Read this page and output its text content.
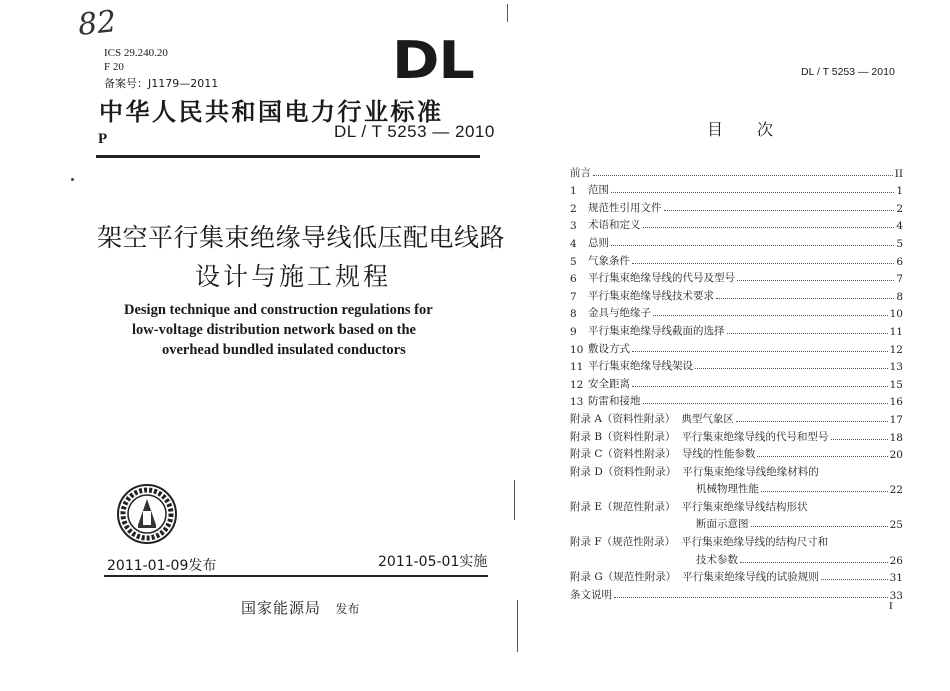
82
ICS 29.240.20
F 20
备案号：J1179—2011	DL
中华人民共和国电力行业标准
P	DL / T 5253 — 2010
架空平行集束绝缘导线低压配电线路
设计与施工规程
Design technique and construction regulations for
low-voltage distribution network based on the
overhead bundled insulated conductors
2011-01-09发布	2011-05-01实施
国家能源局 发布
DL / T 5253 — 2010
目次
前言	II
1	范围	1
2	规范性引用文件	2
3	术语和定义	4
4	总则	5
5	气象条件	6
6	平行集束绝缘导线的代号及型号	7
7	平行集束绝缘导线技术要求	8
8	金具与绝缘子	10
9	平行集束绝缘导线截面的选择	11
10 敷设方式	12
11 平行集束绝缘导线架设	13
12 安全距离	15
13 防雷和接地	16
附录 A（资料性附录） 典型气象区	17
附录 B（资料性附录） 平行集束绝缘导线的代号和型号	18
附录 C（资料性附录） 导线的性能参数	20
附录 D（资料性附录） 平行集束绝缘导线绝缘材料的
机械物理性能	22
附录 E（规范性附录） 平行集束绝缘导线结构形状
断面示意图	25
附录 F（规范性附录） 平行集束绝缘导线的结构尺寸和
技术参数	26
附录 G（规范性附录） 平行集束绝缘导线的试验规则	31
条文说明	33
I
